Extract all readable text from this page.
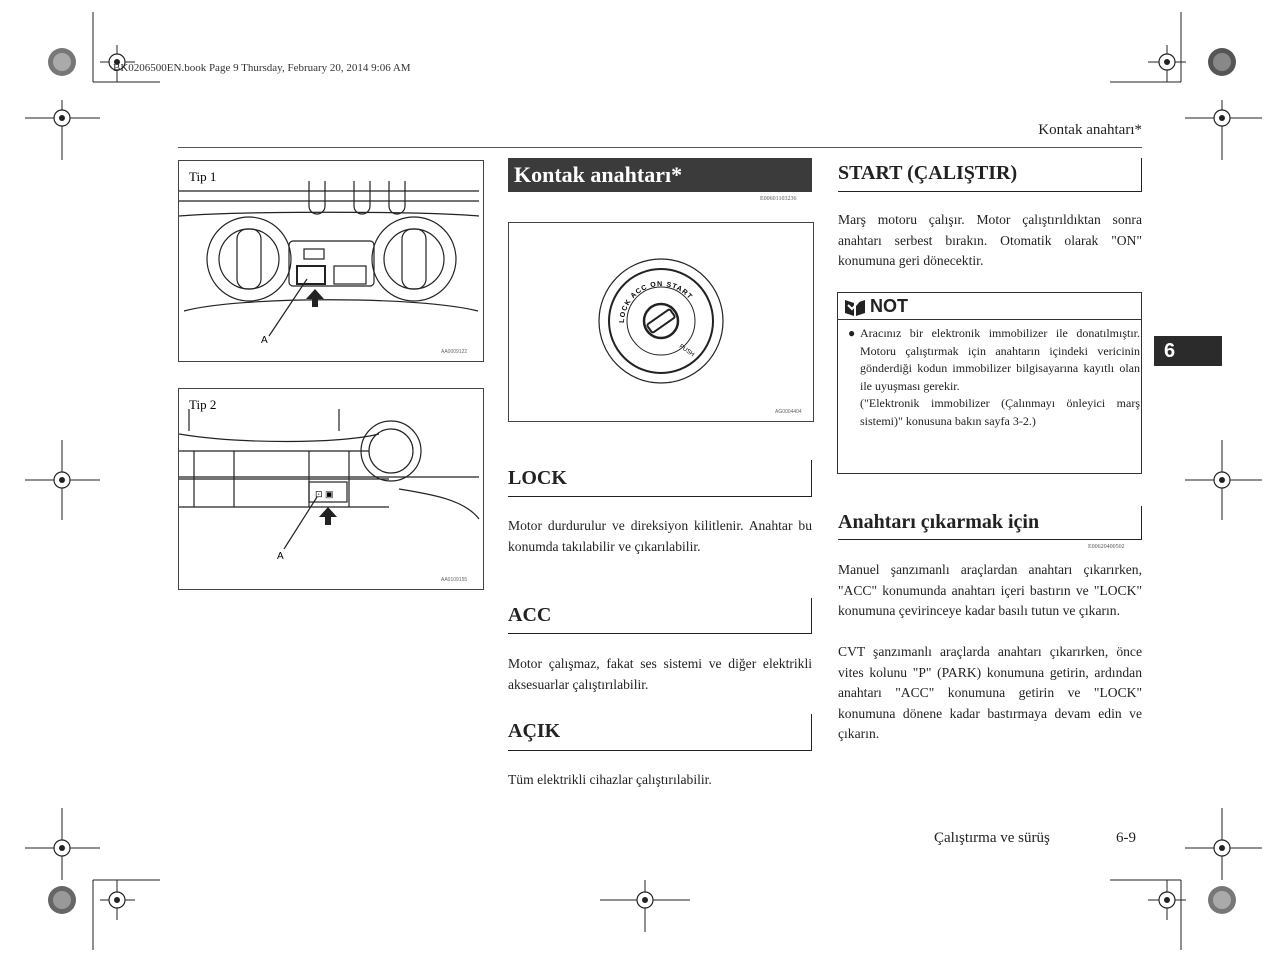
BK0206500EN.book Page 9 Thursday, February 20, 2014 9:06 AM
Kontak anahtarı*
Tip 1
A
AA0009122
⊡ ▣
Tip 2
A
AA0109155
Kontak anahtarı*
E00601103236
LOCK ACC ON START
PUSH
AG0004404
LOCK
Motor durdurulur ve direksiyon kilitlenir. Anahtar bu konumda takılabilir ve çıkarılabilir.
ACC
Motor çalışmaz, fakat ses sistemi ve diğer elektrikli aksesuarlar çalıştırılabilir.
AÇIK
Tüm elektrikli cihazlar çalıştırılabilir.
START (ÇALIŞTIR)
Marş motoru çalışır. Motor çalıştırıldıktan sonra anahtarı serbest bırakın. Otomatik olarak "ON" konumuna geri dönecektir.
NOT
● Aracınız bir elektronik immobilizer ile donatılmıştır. Motoru çalıştırmak için anahtarın içindeki vericinin gönderdiği kodun immobilizer bilgisayarına kayıtlı olan ile uyuşması gerekir.
("Elektronik immobilizer (Çalınmayı önleyici marş sistemi)" konusuna bakın sayfa 3-2.)
Anahtarı çıkarmak için
E00620400502
Manuel şanzımanlı araçlardan anahtarı çıkarırken, "ACC" konumunda anahtarı içeri bastırın ve "LOCK" konumuna çevirinceye kadar basılı tutun ve çıkarın.
CVT şanzımanlı araçlarda anahtarı çıkarırken, önce vites kolunu "P" (PARK) konumuna getirin, ardından anahtarı "ACC" konumuna getirin ve "LOCK" konumuna dönene kadar bastırmaya devam edin ve çıkarın.
6
Çalıştırma ve sürüş	6-9
